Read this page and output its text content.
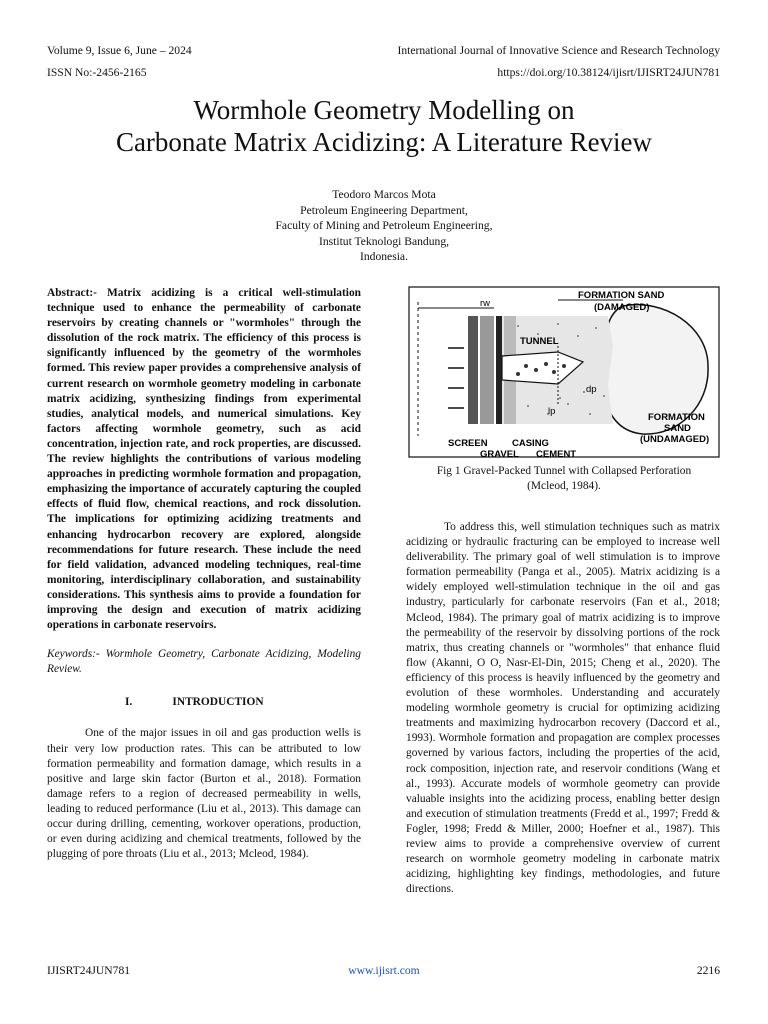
Volume 9, Issue 6, June – 2024
ISSN No:-2456-2165
International Journal of Innovative Science and Research Technology
https://doi.org/10.38124/ijisrt/IJISRT24JUN781
Wormhole Geometry Modelling on
Carbonate Matrix Acidizing: A Literature Review
Teodoro Marcos Mota
Petroleum Engineering Department,
Faculty of Mining and Petroleum Engineering,
Institut Teknologi Bandung,
Indonesia.

Abstract:- Matrix acidizing is a critical well-stimulation technique used to enhance the permeability of carbonate reservoirs by creating channels or "wormholes" through the dissolution of the rock matrix. The efficiency of this process is significantly influenced by the geometry of the wormholes formed. This review paper provides a comprehensive analysis of current research on wormhole geometry modeling in carbonate matrix acidizing, synthesizing findings from experimental studies, analytical models, and numerical simulations. Key factors affecting wormhole geometry, such as acid concentration, injection rate, and rock properties, are discussed. The review highlights the contributions of various modeling approaches in predicting wormhole formation and propagation, emphasizing the importance of accurately capturing the coupled effects of fluid flow, chemical reactions, and rock dissolution. The implications for optimizing acidizing treatments and enhancing hydrocarbon recovery are explored, alongside recommendations for future research. These include the need for field validation, advanced modeling techniques, real-time monitoring, interdisciplinary collaboration, and sustainability considerations. This synthesis aims to provide a foundation for improving the design and execution of matrix acidizing operations in carbonate reservoirs.

Keywords:- Wormhole Geometry, Carbonate Acidizing, Modeling Review.

I.	INTRODUCTION

One of the major issues in oil and gas production wells is their very low production rates. This can be attributed to low formation permeability and formation damage, which results in a positive and large skin factor (Burton et al., 2018). Formation damage refers to a region of decreased permeability in wells, leading to reduced performance (Liu et al., 2013). This damage can occur during drilling, cementing, workover operations, production, or even during acidizing and chemical treatments, followed by the plugging of pore throats (Liu et al., 2013; Mcleod, 1984).

FORMATION SAND
(DAMAGED)
rw
TUNNEL
dp
lp
FORMATION
SAND
(UNDAMAGED)
SCREEN	CASING
GRAVEL CEMENT
Fig 1 Gravel-Packed Tunnel with Collapsed Perforation
(Mcleod, 1984).

To address this, well stimulation techniques such as matrix acidizing or hydraulic fracturing can be employed to increase well deliverability. The primary goal of well stimulation is to improve formation permeability (Panga et al., 2005). Matrix acidizing is a widely employed well-stimulation technique in the oil and gas industry, particularly for carbonate reservoirs (Fan et al., 2018; Mcleod, 1984). The primary goal of matrix acidizing is to improve the permeability of the reservoir by dissolving portions of the rock matrix, thus creating channels or "wormholes" that enhance fluid flow (Akanni, O O, Nasr-El-Din, 2015; Cheng et al., 2020). The efficiency of this process is heavily influenced by the geometry and evolution of these wormholes. Understanding and accurately modeling wormhole geometry is crucial for optimizing acidizing treatments and maximizing hydrocarbon recovery (Daccord et al., 1993). Wormhole formation and propagation are complex processes governed by various factors, including the properties of the acid, rock composition, injection rate, and reservoir conditions (Wang et al., 1993). Accurate models of wormhole geometry can provide valuable insights into the acidizing process, enabling better design and execution of stimulation treatments (Fredd et al., 1997; Fredd & Fogler, 1998; Fredd & Miller, 2000; Hoefner et al., 1987). This review aims to provide a comprehensive overview of current research on wormhole geometry modeling in carbonate matrix acidizing, highlighting key findings, methodologies, and future directions.

IJISRT24JUN781	www.ijisrt.com	2216
